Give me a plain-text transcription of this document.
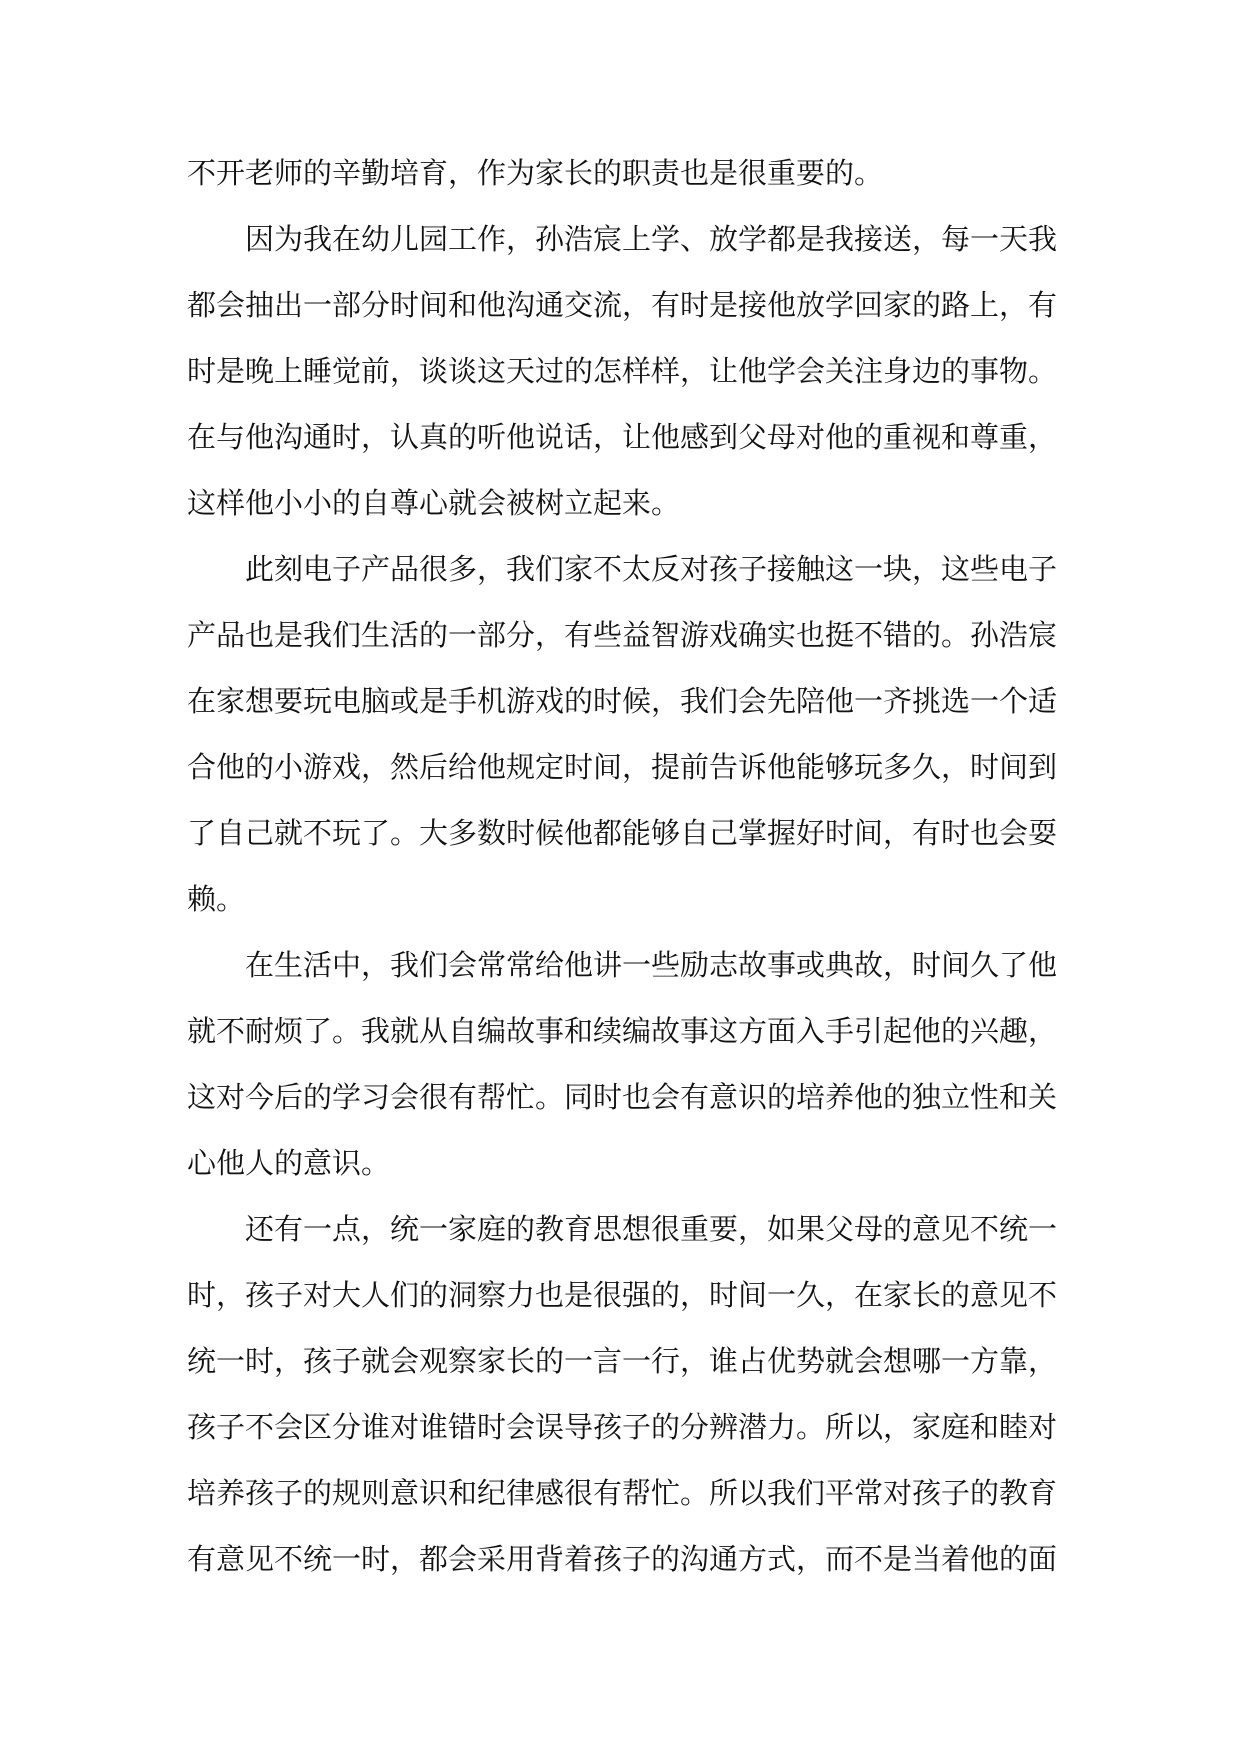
不开老师的辛勤培育，作为家长的职责也是很重要的。
因为我在幼儿园工作，孙浩宸上学、放学都是我接送，每一天我
都会抽出一部分时间和他沟通交流，有时是接他放学回家的路上，有
时是晚上睡觉前，谈谈这天过的怎样样，让他学会关注身边的事物。
在与他沟通时，认真的听他说话，让他感到父母对他的重视和尊重，
这样他小小的自尊心就会被树立起来。
此刻电子产品很多，我们家不太反对孩子接触这一块，这些电子
产品也是我们生活的一部分，有些益智游戏确实也挺不错的。孙浩宸
在家想要玩电脑或是手机游戏的时候，我们会先陪他一齐挑选一个适
合他的小游戏，然后给他规定时间，提前告诉他能够玩多久，时间到
了自己就不玩了。大多数时候他都能够自己掌握好时间，有时也会耍
赖。
在生活中，我们会常常给他讲一些励志故事或典故，时间久了他
就不耐烦了。我就从自编故事和续编故事这方面入手引起他的兴趣，
这对今后的学习会很有帮忙。同时也会有意识的培养他的独立性和关
心他人的意识。
还有一点，统一家庭的教育思想很重要，如果父母的意见不统一
时，孩子对大人们的洞察力也是很强的，时间一久，在家长的意见不
统一时，孩子就会观察家长的一言一行，谁占优势就会想哪一方靠，
孩子不会区分谁对谁错时会误导孩子的分辨潜力。所以，家庭和睦对
培养孩子的规则意识和纪律感很有帮忙。所以我们平常对孩子的教育
有意见不统一时，都会采用背着孩子的沟通方式，而不是当着他的面
